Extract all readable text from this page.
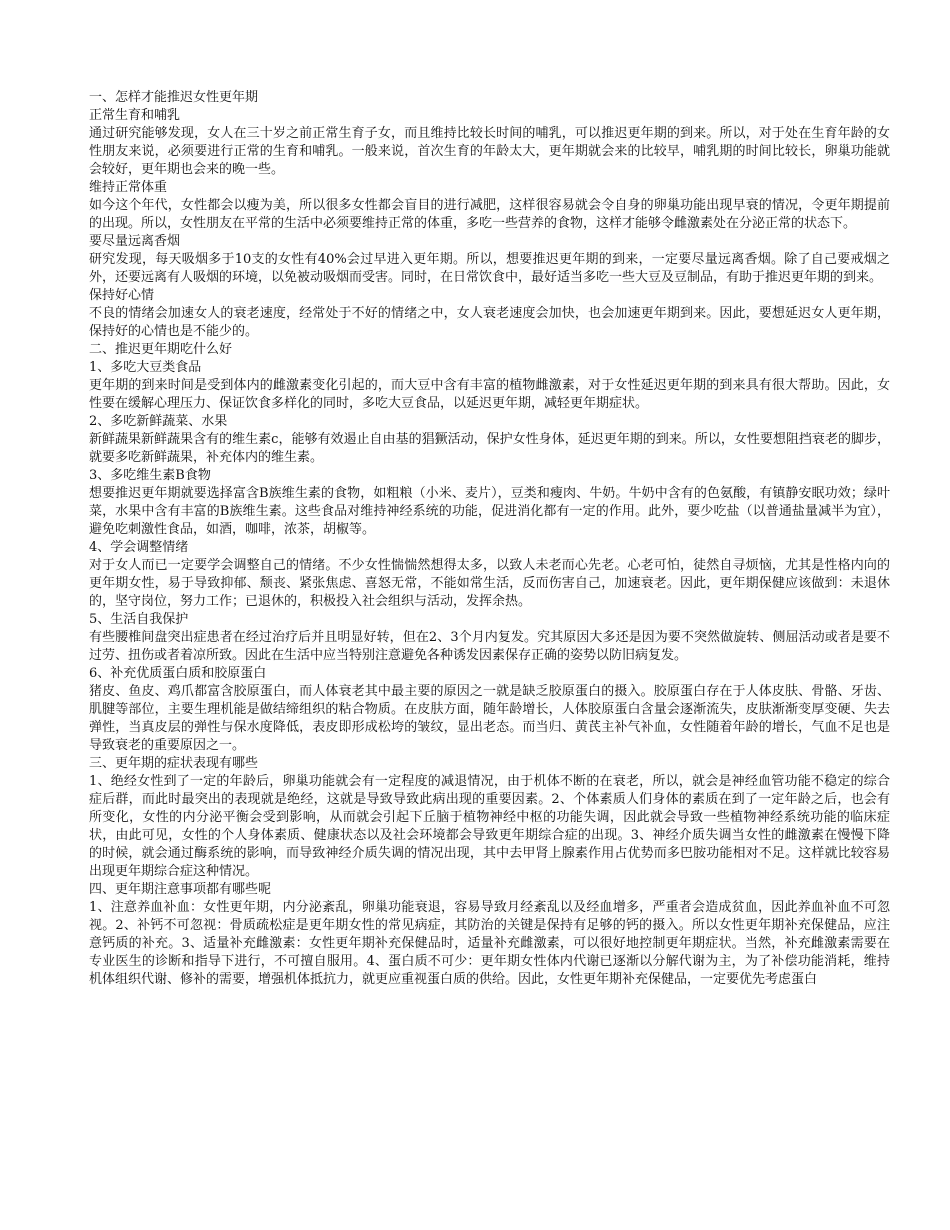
一、怎样才能推迟女性更年期
正常生育和哺乳
通过研究能够发现，女人在三十岁之前正常生育子女，而且维持比较长时间的哺乳，可以推迟更年期的到来。所以，对于处在生育年龄的女性朋友来说，必须要进行正常的生育和哺乳。一般来说，首次生育的年龄太大，更年期就会来的比较早，哺乳期的时间比较长，卵巢功能就会较好，更年期也会来的晚一些。
维持正常体重
如今这个年代，女性都会以瘦为美，所以很多女性都会盲目的进行减肥，这样很容易就会令自身的卵巢功能出现早衰的情况，令更年期提前的出现。所以，女性朋友在平常的生活中必须要维持正常的体重，多吃一些营养的食物，这样才能够令雌激素处在分泌正常的状态下。
要尽量远离香烟
研究发现，每天吸烟多于10支的女性有40%会过早进入更年期。所以，想要推迟更年期的到来，一定要尽量远离香烟。除了自己要戒烟之外，还要远离有人吸烟的环境，以免被动吸烟而受害。同时，在日常饮食中，最好适当多吃一些大豆及豆制品，有助于推迟更年期的到来。
保持好心情
不良的情绪会加速女人的衰老速度，经常处于不好的情绪之中，女人衰老速度会加快，也会加速更年期到来。因此，要想延迟女人更年期，保持好的心情也是不能少的。
二、推迟更年期吃什么好
1、多吃大豆类食品
更年期的到来时间是受到体内的雌激素变化引起的，而大豆中含有丰富的植物雌激素，对于女性延迟更年期的到来具有很大帮助。因此，女性要在缓解心理压力、保证饮食多样化的同时，多吃大豆食品，以延迟更年期，减轻更年期症状。
2、多吃新鲜蔬菜、水果
新鲜蔬果新鲜蔬果含有的维生素c，能够有效遏止自由基的猖獗活动，保护女性身体，延迟更年期的到来。所以，女性要想阻挡衰老的脚步，就要多吃新鲜蔬果，补充体内的维生素。
3、多吃维生素B食物
想要推迟更年期就要选择富含B族维生素的食物，如粗粮（小米、麦片），豆类和瘦肉、牛奶。牛奶中含有的色氨酸，有镇静安眠功效；绿叶菜，水果中含有丰富的B族维生素。这些食品对维持神经系统的功能，促进消化都有一定的作用。此外，要少吃盐（以普通盐量减半为宜），避免吃刺激性食品，如酒，咖啡，浓茶，胡椒等。
4、学会调整情绪
对于女人而已一定要学会调整自己的情绪。不少女性惴惴然想得太多，以致人未老而心先老。心老可怕，徒然自寻烦恼，尤其是性格内向的更年期女性，易于导致抑郁、颓丧、紧张焦虑、喜怒无常，不能如常生活，反而伤害自己，加速衰老。因此，更年期保健应该做到：未退休的，坚守岗位，努力工作；已退休的，积极投入社会组织与活动，发挥余热。
5、生活自我保护
有些腰椎间盘突出症患者在经过治疗后并且明显好转，但在2、3个月内复发。究其原因大多还是因为要不突然做旋转、侧屈活动或者是要不过劳、扭伤或者着凉所致。因此在生活中应当特别注意避免各种诱发因素保存正确的姿势以防旧病复发。
6、补充优质蛋白质和胶原蛋白
猪皮、鱼皮、鸡爪都富含胶原蛋白，而人体衰老其中最主要的原因之一就是缺乏胶原蛋白的摄入。胶原蛋白存在于人体皮肤、骨骼、牙齿、肌腱等部位，主要生理机能是做结缔组织的粘合物质。在皮肤方面，随年龄增长，人体胶原蛋白含量会逐渐流失，皮肤渐渐变厚变硬、失去弹性，当真皮层的弹性与保水度降低，表皮即形成松垮的皱纹，显出老态。而当归、黄芪主补气补血，女性随着年龄的增长，气血不足也是导致衰老的重要原因之一。
三、更年期的症状表现有哪些
1、绝经女性到了一定的年龄后，卵巢功能就会有一定程度的减退情况，由于机体不断的在衰老，所以，就会是神经血管功能不稳定的综合症后群，而此时最突出的表现就是绝经，这就是导致导致此病出现的重要因素。2、个体素质人们身体的素质在到了一定年龄之后，也会有所变化，女性的内分泌平衡会受到影响，从而就会引起下丘脑于植物神经中枢的功能失调，因此就会导致一些植物神经系统功能的临床症状，由此可见，女性的个人身体素质、健康状态以及社会环境都会导致更年期综合症的出现。3、神经介质失调当女性的雌激素在慢慢下降的时候，就会通过酶系统的影响，而导致神经介质失调的情况出现，其中去甲肾上腺素作用占优势而多巴胺功能相对不足。这样就比较容易出现更年期综合症这种情况。
四、更年期注意事项都有哪些呢
1、注意养血补血：女性更年期，内分泌紊乱，卵巢功能衰退，容易导致月经紊乱以及经血增多，严重者会造成贫血，因此养血补血不可忽视。2、补钙不可忽视：骨质疏松症是更年期女性的常见病症，其防治的关键是保持有足够的钙的摄入。所以女性更年期补充保健品，应注意钙质的补充。3、适量补充雌激素：女性更年期补充保健品时，适量补充雌激素，可以很好地控制更年期症状。当然，补充雌激素需要在专业医生的诊断和指导下进行，不可擅自服用。4、蛋白质不可少：更年期女性体内代谢已逐渐以分解代谢为主，为了补偿功能消耗，维持机体组织代谢、修补的需要，增强机体抵抗力，就更应重视蛋白质的供给。因此，女性更年期补充保健品，一定要优先考虑蛋白
